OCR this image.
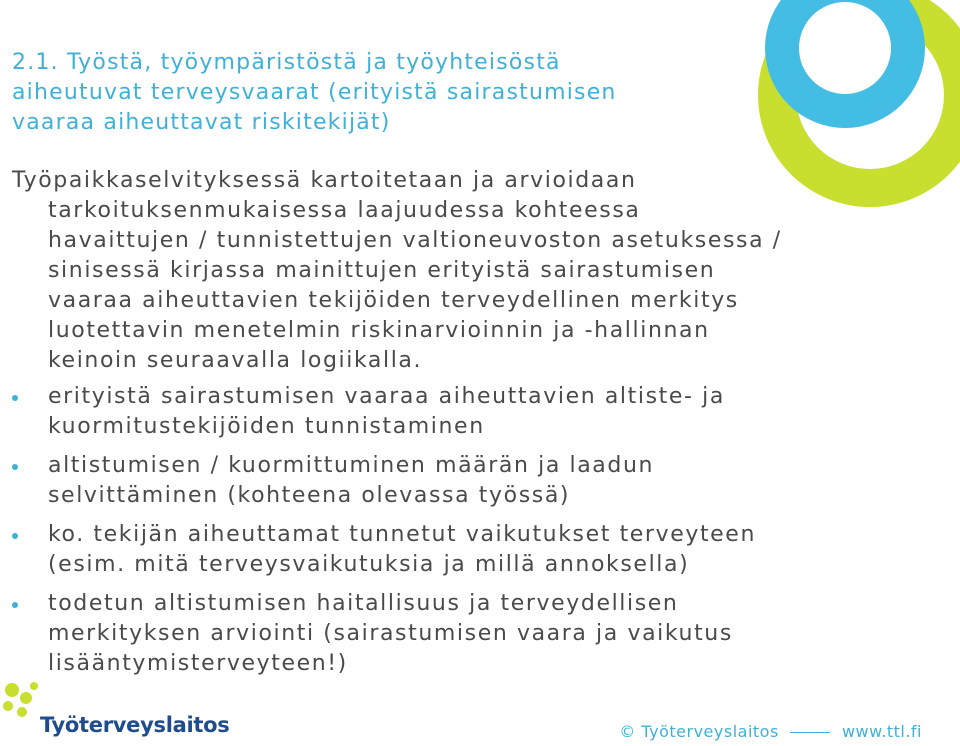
2.1. Työstä, työympäristöstä ja työyhteisöstä
aiheutuvat terveysvaarat (erityistä sairastumisen
vaaraa aiheuttavat riskitekijät)

Työpaikkaselvityksessä kartoitetaan ja arvioidaan
tarkoituksenmukaisessa laajuudessa kohteessa
havaittujen / tunnistettujen valtioneuvoston asetuksessa /
sinisessä kirjassa mainittujen erityistä sairastumisen
vaaraa aiheuttavien tekijöiden terveydellinen merkitys
luotettavin menetelmin riskinarvioinnin ja -hallinnan
keinoin seuraavalla logiikalla.

erityistä sairastumisen vaaraa aiheuttavien altiste- ja
kuormitustekijöiden tunnistaminen
altistumisen / kuormittuminen määrän ja laadun
selvittäminen (kohteena olevassa työssä)
ko. tekijän aiheuttamat tunnetut vaikutukset terveyteen
(esim. mitä terveysvaikutuksia ja millä annoksella)
todetun altistumisen haitallisuus ja terveydellisen
merkityksen arviointi (sairastumisen vaara ja vaikutus
lisääntymisterveyteen!)
Työterveyslaitos	© Työterveyslaitos	www.ttl.fi
